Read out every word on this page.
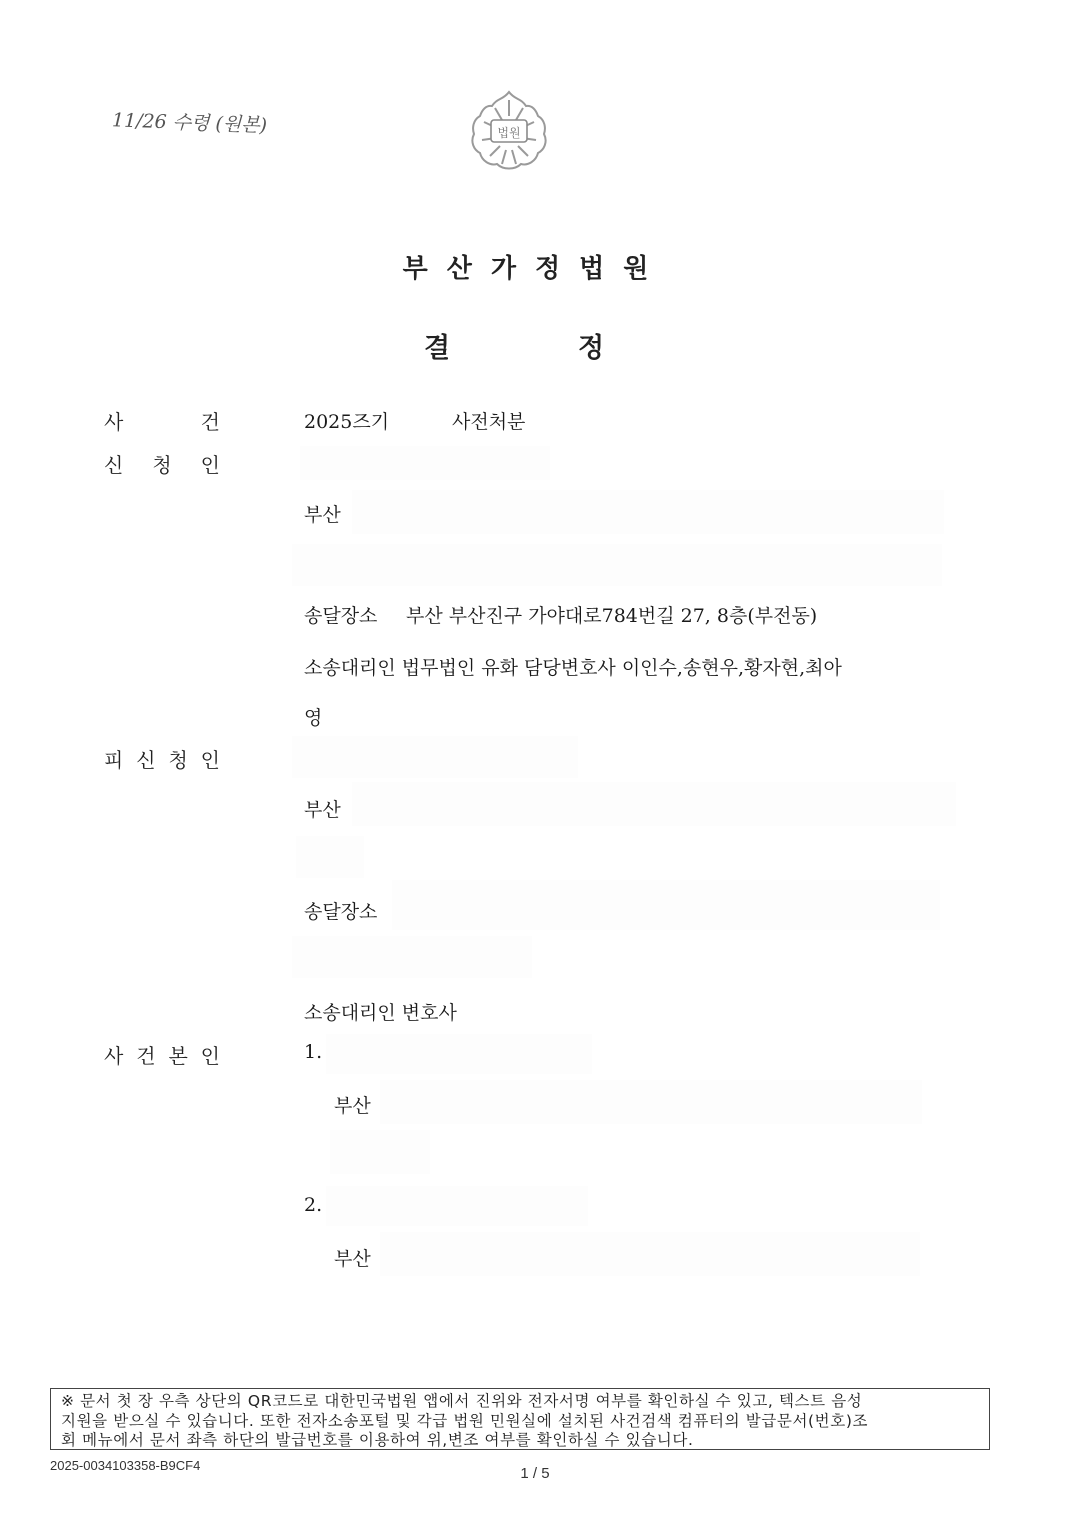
11/26 수령 (원본)	법원
부산가정법원
결	정
사	건	2025즈기	사전처분
신 청 인
부산
송달장소 부산 부산진구 가야대로784번길 27, 8층(부전동)
소송대리인 법무법인 유화 담당변호사 이인수,송현우,황자현,최아
영
피 신 청 인
부산
송달장소
소송대리인 변호사
사 건 본 인	1.
부산
2.
부산
※ 문서 첫 장 우측 상단의 QR코드로 대한민국법원 앱에서 진위와 전자서명 여부를 확인하실 수 있고, 텍스트 음성
지원을 받으실 수 있습니다. 또한 전자소송포털 및 각급 법원 민원실에 설치된 사건검색 컴퓨터의 발급문서(번호)조
회 메뉴에서 문서 좌측 하단의 발급번호를 이용하여 위,변조 여부를 확인하실 수 있습니다.
2025-0034103358-B9CF4	1 / 5
